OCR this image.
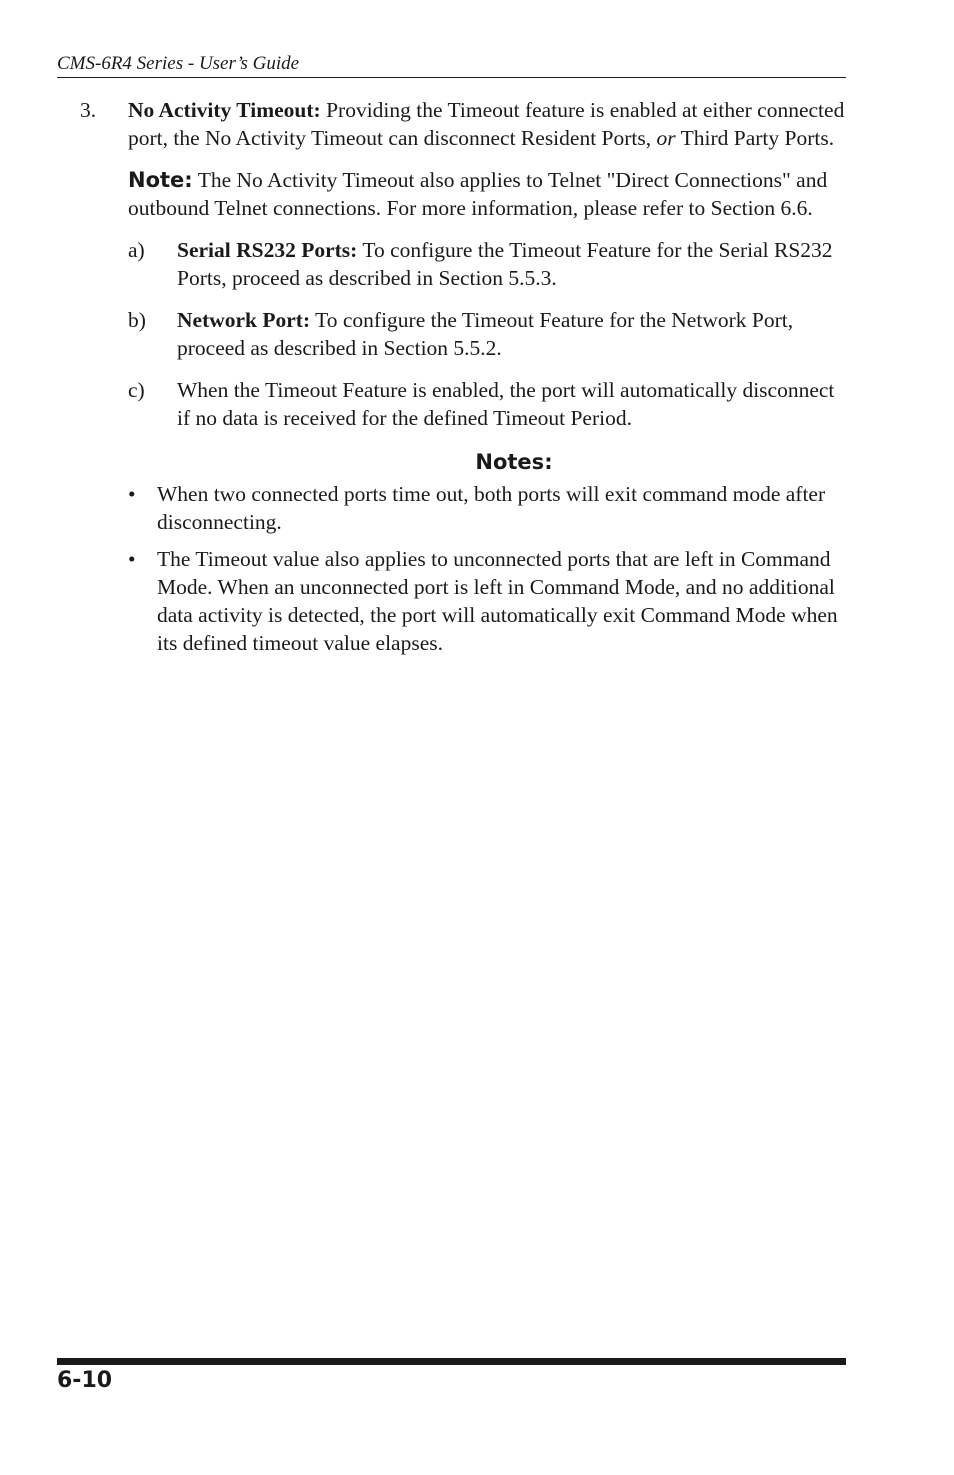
CMS-6R4 Series - User’s Guide
3. No Activity Timeout: Providing the Timeout feature is enabled at either connected port, the No Activity Timeout can disconnect Resident Ports, or Third Party Ports.

Note: The No Activity Timeout also applies to Telnet "Direct Connections" and outbound Telnet connections. For more information, please refer to Section 6.6.

a) Serial RS232 Ports: To configure the Timeout Feature for the Serial RS232 Ports, proceed as described in Section 5.5.3.
b) Network Port: To configure the Timeout Feature for the Network Port, proceed as described in Section 5.5.2.
c) When the Timeout Feature is enabled, the port will automatically disconnect if no data is received for the defined Timeout Period.
Notes:
• When two connected ports time out, both ports will exit command mode after disconnecting.
• The Timeout value also applies to unconnected ports that are left in Command Mode. When an unconnected port is left in Command Mode, and no additional data activity is detected, the port will automatically exit Command Mode when its defined timeout value elapses.
6-10
